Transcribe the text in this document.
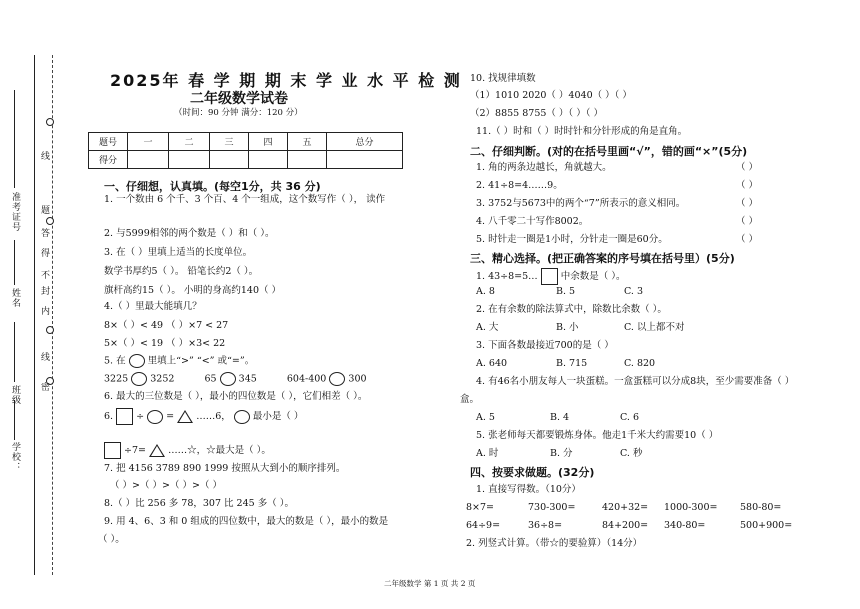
学校：
班级
姓名
准考证号
线
密
封
线
内
不
得
答
题
2025年 春 学 期 期 末 学 业 水 平 检 测
二年级数学试卷
（时间：90 分钟 满分：120 分）
题号	一	二	三	四	五	总分
得分						
一、仔细想，认真填。(每空1分，共 36 分)
1. 一个数由 6 个千、3 个百、4 个一组成，这个数写作（ ）， 读作
2. 与5999相邻的两个数是（ ）和（ ）。
3. 在（ ）里填上适当的长度单位。
数学书厚约5（ ）。 铅笔长约2（ ）。
旗杆高约15（ ）。 小明的身高约140（ ）
4.（ ）里最大能填几？
8×（ ）< 49 （ ）×7 < 27
5×（ ）< 19 （ ）×3< 22
5. 在 里填上“>” “<” 或“=”。
3225 3252	65 345	604-400 300
6. 最大的三位数是（ ），最小的四位数是（ ），它们相差（ ）。
6. ÷ = ……6， 最小是（ ）
÷7= ……☆，☆最大是（ ）。
7. 把 4156 3789 890 1999 按照从大到小的顺序排列。
（ ）>（ ）>（ ）>（ ）
8.（ ）比 256 多 78，307 比 245 多（ ）。
9. 用 4、6、3 和 0 组成的四位数中，最大的数是（ ），最小的数是
（ ）。
10. 找规律填数
（1）1010 2020（ ）4040（ ）（ ）
（2）8855 8755（ ）（ ）（ ）
11.（ ）时和（ ）时时针和分针形成的角是直角。
二、仔细判断。(对的在括号里画“√”，错的画“×”(5分)
1. 角的两条边越长，角就越大。	（ ）
2. 41÷8=4……9。	（ ）
3. 3752与5673中的两个“7”所表示的意义相同。	（ ）
4. 八千零二十写作8002。	（ ）
5. 时针走一圈是1小时，分针走一圈是60分。	（ ）
三、精心选择。(把正确答案的序号填在括号里）(5分)
1. 43÷8=5… 中余数是（ ）。
A. 8	B. 5	C. 3
2. 在有余数的除法算式中，除数比余数（ ）。
A. 大	B. 小	C. 以上都不对
3. 下面各数最接近700的是（ ）
A. 640	B. 715	C. 820
4. 有46名小朋友每人一块蛋糕。一盒蛋糕可以分成8块，至少需要准备（ ）
盒。
A. 5	B. 4	C. 6
5. 张老师每天都要锻炼身体。他走1千米大约需要10（ ）
A. 时	B. 分	C. 秒
四、按要求做题。(32分)
1. 直接写得数。（10分）
8×7=	730-300=	420+32= 1000-300= 580-80=
64÷9=	36÷8=	84+200= 340-80=	500+900=
2. 列竖式计算。（带☆的要验算）（14分）
二年级数学 第 1 页 共 2 页
